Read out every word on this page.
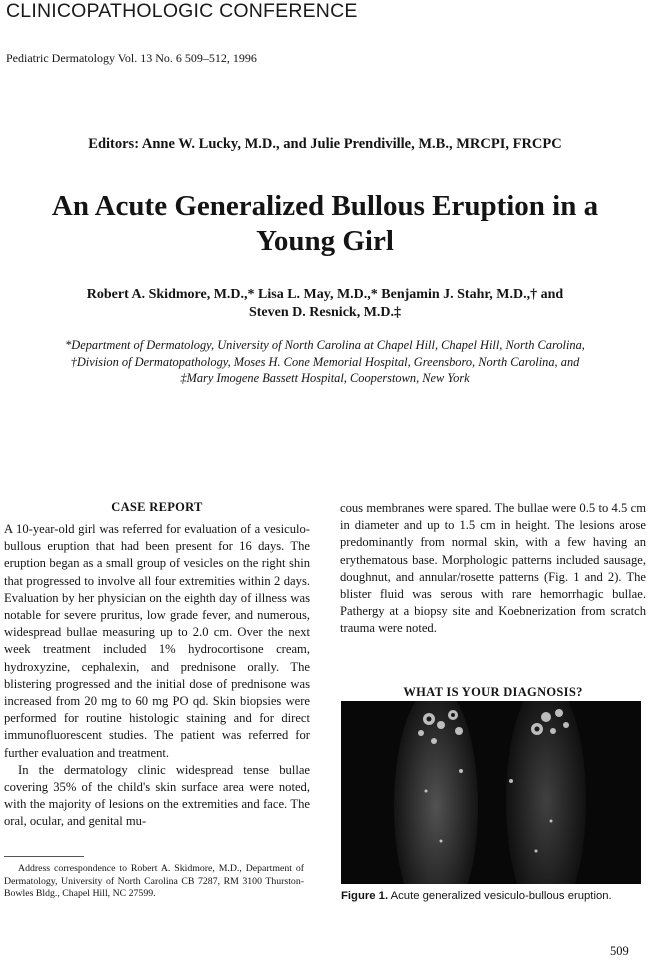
CLINICOPATHOLOGIC CONFERENCE
Pediatric Dermatology Vol. 13 No. 6 509–512, 1996
Editors: Anne W. Lucky, M.D., and Julie Prendiville, M.B., MRCPI, FRCPC
An Acute Generalized Bullous Eruption in a
Young Girl
Robert A. Skidmore, M.D.,* Lisa L. May, M.D.,* Benjamin J. Stahr, M.D.,† and
Steven D. Resnick, M.D.‡
*Department of Dermatology, University of North Carolina at Chapel Hill, Chapel Hill, North Carolina,
†Division of Dermatopathology, Moses H. Cone Memorial Hospital, Greensboro, North Carolina, and
‡Mary Imogene Bassett Hospital, Cooperstown, New York
CASE REPORT

A 10-year-old girl was referred for evaluation of a vesiculo-bullous eruption that had been present for 16 days. The eruption began as a small group of vesicles on the right shin that progressed to involve all four extremities within 2 days. Evaluation by her physician on the eighth day of illness was notable for severe pruritus, low grade fever, and numerous, widespread bullae measuring up to 2.0 cm. Over the next week treatment included 1% hydrocortisone cream, hydroxyzine, cephalexin, and prednisone orally. The blistering progressed and the initial dose of prednisone was increased from 20 mg to 60 mg PO qd. Skin biopsies were performed for routine histologic staining and for direct immunofluorescent studies. The patient was referred for further evaluation and treatment.

In the dermatology clinic widespread tense bullae covering 35% of the child's skin surface area were noted, with the majority of lesions on the extremities and face. The oral, ocular, and genital mu-

Address correspondence to Robert A. Skidmore, M.D., Department of Dermatology, University of North Carolina CB 7287, RM 3100 Thurston-Bowles Bldg., Chapel Hill, NC 27599.

cous membranes were spared. The bullae were 0.5 to 4.5 cm in diameter and up to 1.5 cm in height. The lesions arose predominantly from normal skin, with a few having an erythematous base. Morphologic patterns included sausage, doughnut, and annular/rosette patterns (Fig. 1 and 2). The blister fluid was serous with rare hemorrhagic bullae. Pathergy at a biopsy site and Koebnerization from scratch trauma were noted.

WHAT IS YOUR DIAGNOSIS?
Figure 1. Acute generalized vesiculo-bullous eruption.
509
